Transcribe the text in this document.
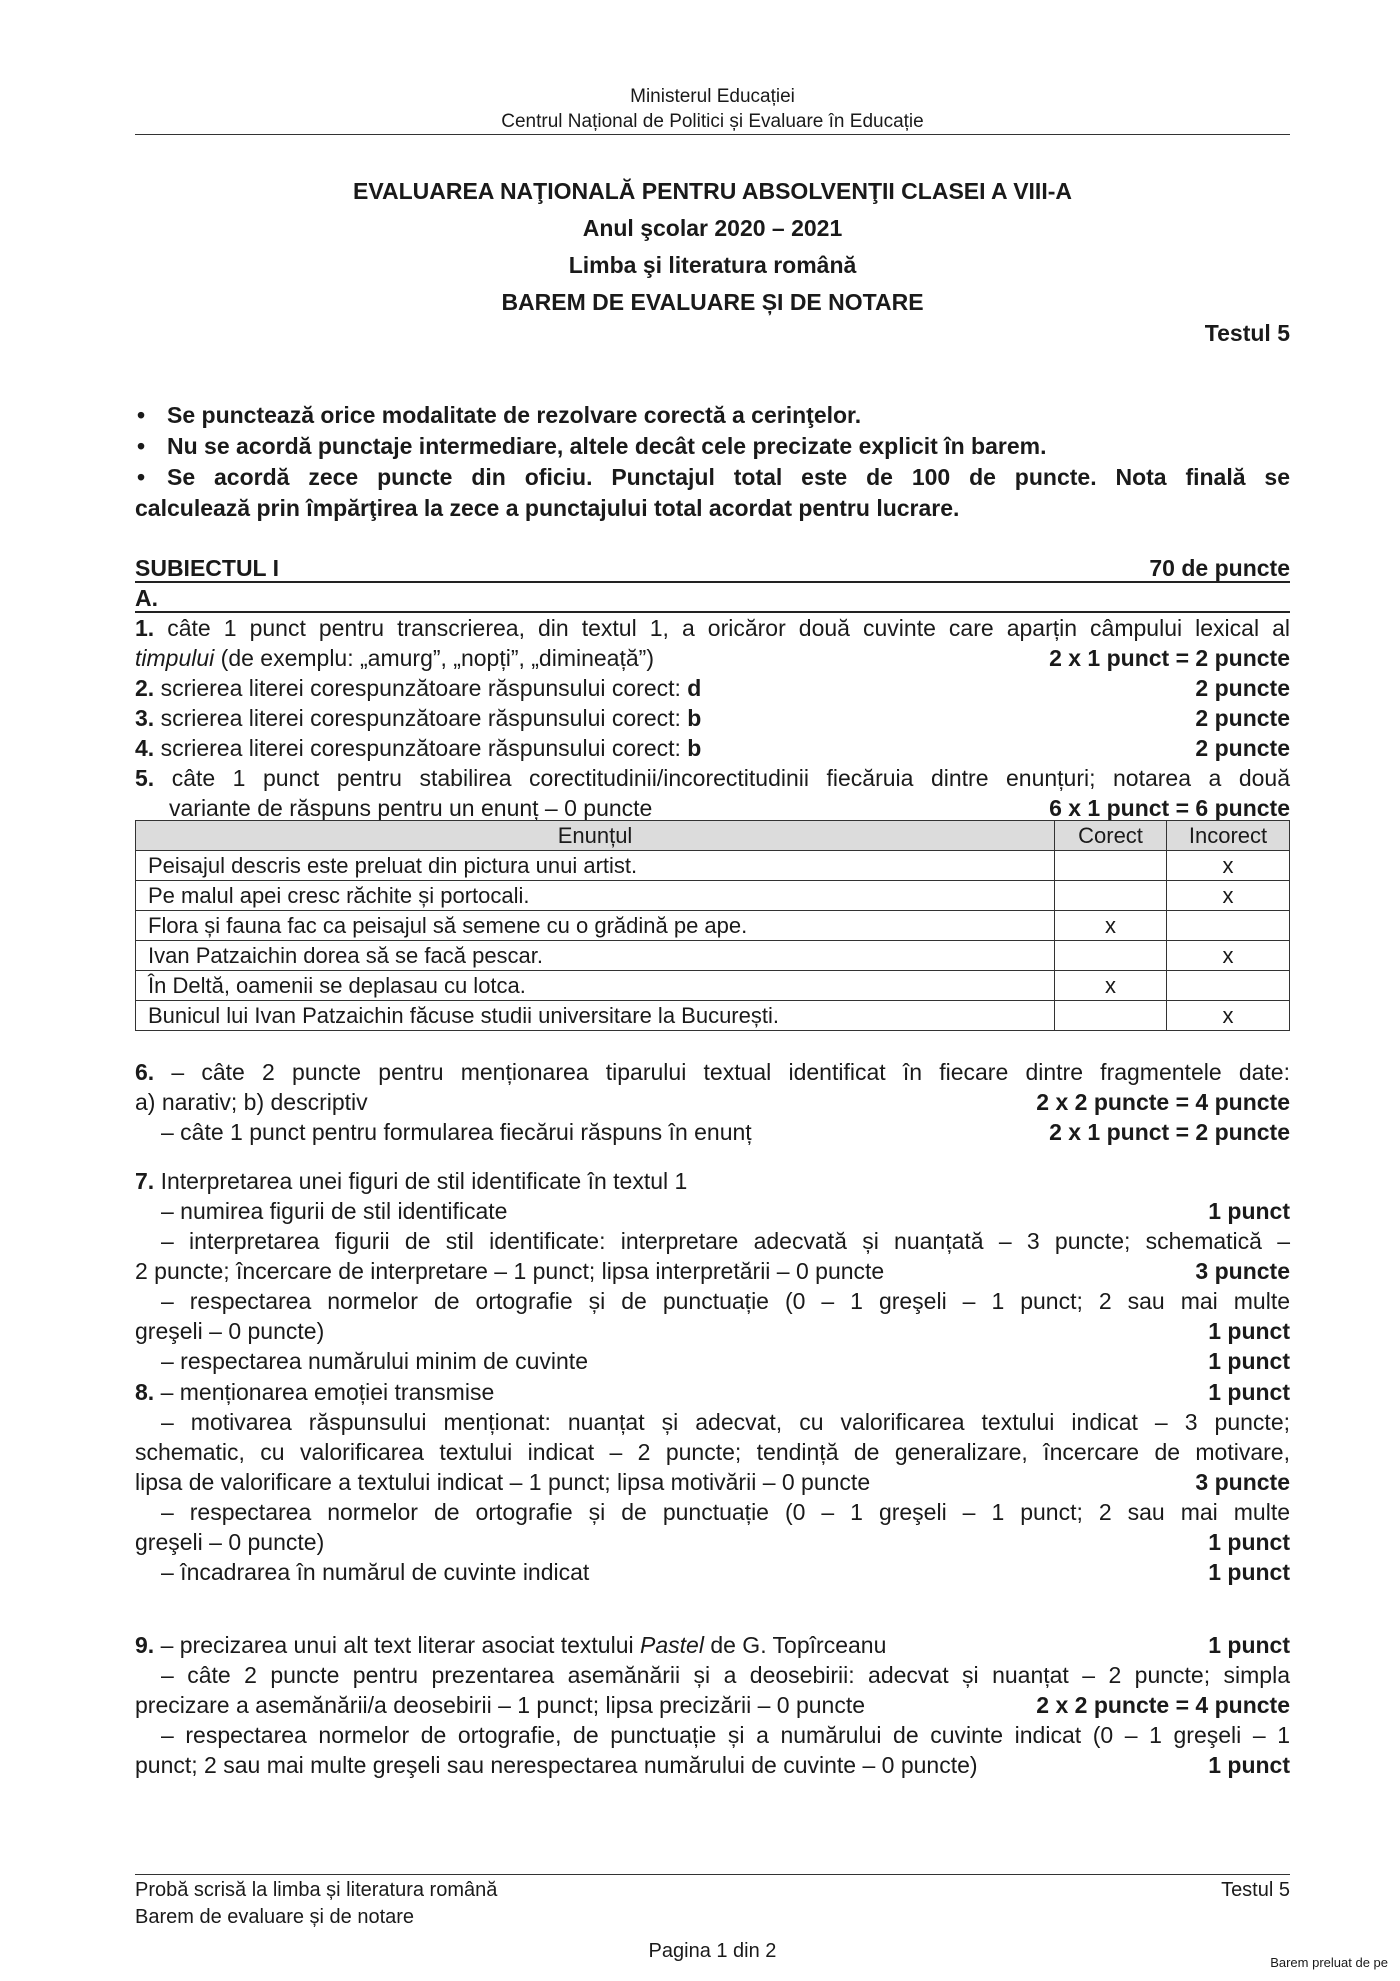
Ministerul Educației
Centrul Național de Politici și Evaluare în Educație
EVALUAREA NAŢIONALĂ PENTRU ABSOLVENŢII CLASEI A VIII-A
Anul şcolar 2020 – 2021
Limba şi literatura română
BAREM DE EVALUARE ȘI DE NOTARE
Testul 5
• Se punctează orice modalitate de rezolvare corectă a cerinţelor.
• Nu se acordă punctaje intermediare, altele decât cele precizate explicit în barem.
• Se acordă zece puncte din oficiu. Punctajul total este de 100 de puncte. Nota finală se
calculează prin împărţirea la zece a punctajului total acordat pentru lucrare.
SUBIECTUL I	70 de puncte
A.
1. câte 1 punct pentru transcrierea, din textul 1, a oricăror două cuvinte care aparțin câmpului lexical al
timpului (de exemplu: „amurg”, „nopți”, „dimineață”)	2 x 1 punct = 2 puncte
2. scrierea literei corespunzătoare răspunsului corect: d	2 puncte
3. scrierea literei corespunzătoare răspunsului corect: b	2 puncte
4. scrierea literei corespunzătoare răspunsului corect: b	2 puncte
5. câte 1 punct pentru stabilirea corectitudinii/incorectitudinii fiecăruia dintre enunțuri; notarea a două
variante de răspuns pentru un enunț – 0 puncte	6 x 1 punct = 6 puncte
Enunțul	Corect	Incorect
Peisajul descris este preluat din pictura unui artist.		x
Pe malul apei cresc răchite și portocali.		x
Flora și fauna fac ca peisajul să semene cu o grădină pe ape.	x	
Ivan Patzaichin dorea să se facă pescar.		x
În Deltă, oamenii se deplasau cu lotca.	x	
Bunicul lui Ivan Patzaichin făcuse studii universitare la București.		x
6. – câte 2 puncte pentru menționarea tiparului textual identificat în fiecare dintre fragmentele date:
a) narativ; b) descriptiv	2 x 2 puncte = 4 puncte
– câte 1 punct pentru formularea fiecărui răspuns în enunț	2 x 1 punct = 2 puncte
7. Interpretarea unei figuri de stil identificate în textul 1
– numirea figurii de stil identificate	1 punct
– interpretarea figurii de stil identificate: interpretare adecvată și nuanțată – 3 puncte; schematică –
2 puncte; încercare de interpretare – 1 punct; lipsa interpretării – 0 puncte	3 puncte
– respectarea normelor de ortografie și de punctuație (0 – 1 greşeli – 1 punct; 2 sau mai multe
greşeli – 0 puncte)	1 punct
– respectarea numărului minim de cuvinte	1 punct
8. – menționarea emoției transmise	1 punct
– motivarea răspunsului menționat: nuanțat și adecvat, cu valorificarea textului indicat – 3 puncte;
schematic, cu valorificarea textului indicat – 2 puncte; tendință de generalizare, încercare de motivare,
lipsa de valorificare a textului indicat – 1 punct; lipsa motivării – 0 puncte	3 puncte
– respectarea normelor de ortografie și de punctuație (0 – 1 greşeli – 1 punct; 2 sau mai multe
greşeli – 0 puncte)	1 punct
– încadrarea în numărul de cuvinte indicat	1 punct
9. – precizarea unui alt text literar asociat textului Pastel de G. Topîrceanu	1 punct
– câte 2 puncte pentru prezentarea asemănării și a deosebirii: adecvat și nuanțat – 2 puncte; simpla
precizare a asemănării/a deosebirii – 1 punct; lipsa precizării – 0 puncte	2 x 2 puncte = 4 puncte
– respectarea normelor de ortografie, de punctuație și a numărului de cuvinte indicat (0 – 1 greşeli – 1
punct; 2 sau mai multe greşeli sau nerespectarea numărului de cuvinte – 0 puncte)	1 punct
Probă scrisă la limba și literatura română	Testul 5
Barem de evaluare și de notare
Pagina 1 din 2
Barem preluat de pe
